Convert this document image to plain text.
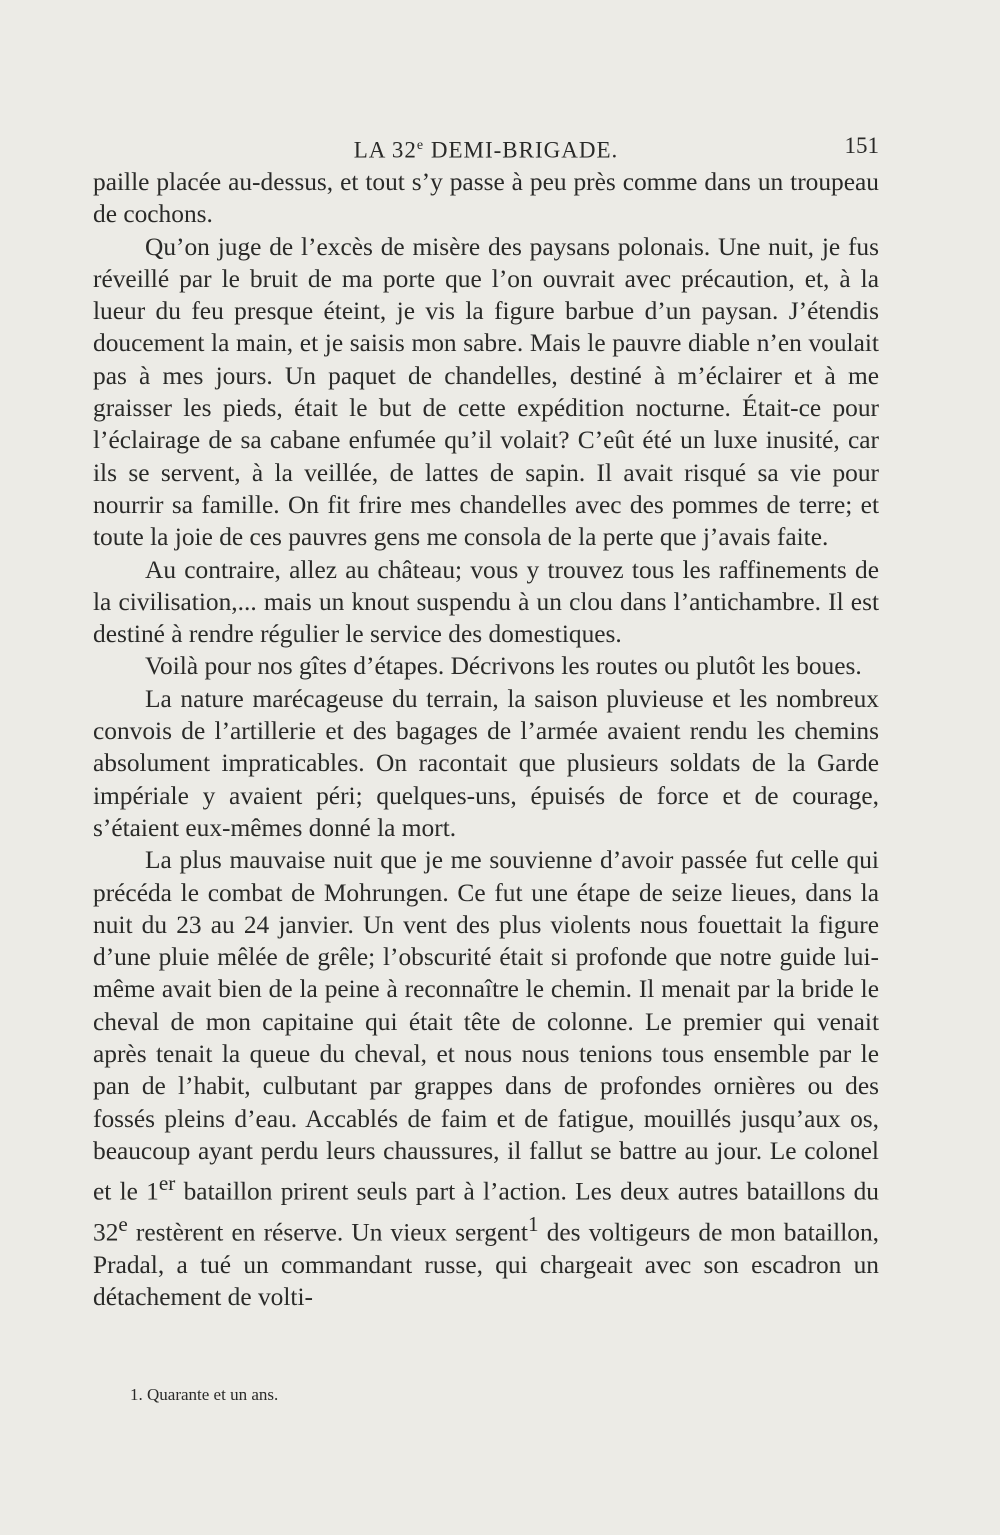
LA 32e DEMI-BRIGADE.	151

paille placée au-dessus, et tout s’y passe à peu près comme dans un troupeau de cochons.

Qu’on juge de l’excès de misère des paysans polonais. Une nuit, je fus réveillé par le bruit de ma porte que l’on ouvrait avec précaution, et, à la lueur du feu presque éteint, je vis la figure barbue d’un paysan. J’étendis doucement la main, et je saisis mon sabre. Mais le pauvre diable n’en voulait pas à mes jours. Un paquet de chandelles, destiné à m’éclairer et à me graisser les pieds, était le but de cette expédition nocturne. Était-ce pour l’éclairage de sa cabane enfumée qu’il volait? C’eût été un luxe inusité, car ils se servent, à la veillée, de lattes de sapin. Il avait risqué sa vie pour nourrir sa famille. On fit frire mes chandelles avec des pommes de terre; et toute la joie de ces pauvres gens me consola de la perte que j’avais faite.

Au contraire, allez au château; vous y trouvez tous les raffinements de la civilisation,... mais un knout suspendu à un clou dans l’antichambre. Il est destiné à rendre régulier le service des domestiques.

Voilà pour nos gîtes d’étapes. Décrivons les routes ou plutôt les boues.

La nature marécageuse du terrain, la saison pluvieuse et les nombreux convois de l’artillerie et des bagages de l’armée avaient rendu les chemins absolument impraticables. On racontait que plusieurs soldats de la Garde impériale y avaient péri; quelques-uns, épuisés de force et de courage, s’étaient eux-mêmes donné la mort.

La plus mauvaise nuit que je me souvienne d’avoir passée fut celle qui précéda le combat de Mohrungen. Ce fut une étape de seize lieues, dans la nuit du 23 au 24 janvier. Un vent des plus violents nous fouettait la figure d’une pluie mêlée de grêle; l’obscurité était si profonde que notre guide lui-même avait bien de la peine à reconnaître le chemin. Il menait par la bride le cheval de mon capitaine qui était tête de colonne. Le premier qui venait après tenait la queue du cheval, et nous nous tenions tous ensemble par le pan de l’habit, culbutant par grappes dans de profondes ornières ou des fossés pleins d’eau. Accablés de faim et de fatigue, mouillés jusqu’aux os, beaucoup ayant perdu leurs chaussures, il fallut se battre au jour. Le colonel et le 1er bataillon prirent seuls part à l’action. Les deux autres bataillons du 32e restèrent en réserve. Un vieux sergent$^1$ des voltigeurs de mon bataillon, Pradal, a tué un commandant russe, qui chargeait avec son escadron un détachement de volti-

1. Quarante et un ans.
